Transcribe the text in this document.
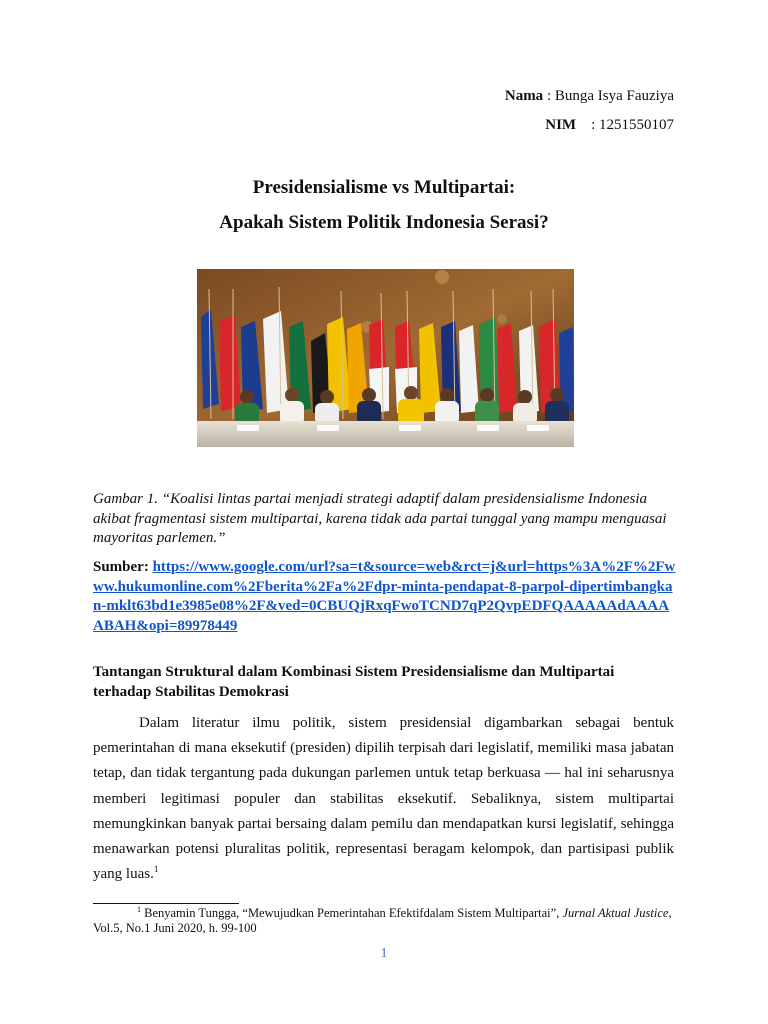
Nama : Bunga Isya Fauziya
NIM : 1251550107
Presidensialisme vs Multipartai:
Apakah Sistem Politik Indonesia Serasi?
Gambar 1. “Koalisi lintas partai menjadi strategi adaptif dalam presidensialisme Indonesia akibat fragmentasi sistem multipartai, karena tidak ada partai tunggal yang mampu menguasai mayoritas parlemen.”
Sumber: https://www.google.com/url?sa=t&source=web&rct=j&url=https%3A%2F%2Fwww.hukumonline.com%2Fberita%2Fa%2Fdpr-minta-pendapat-8-parpol-dipertimbangkan-mklt63bd1e3985e08%2F&ved=0CBUQjRxqFwoTCND7qP2QvpEDFQAAAAAdAAAAABAH&opi=89978449
Tantangan Struktural dalam Kombinasi Sistem Presidensialisme dan Multipartai terhadap Stabilitas Demokrasi

Dalam literatur ilmu politik, sistem presidensial digambarkan sebagai bentuk pemerintahan di mana eksekutif (presiden) dipilih terpisah dari legislatif, memiliki masa jabatan tetap, dan tidak tergantung pada dukungan parlemen untuk tetap berkuasa — hal ini seharusnya memberi legitimasi populer dan stabilitas eksekutif. Sebaliknya, sistem multipartai memungkinkan banyak partai bersaing dalam pemilu dan mendapatkan kursi legislatif, sehingga menawarkan potensi pluralitas politik, representasi beragam kelompok, dan partisipasi publik yang luas.$^1$

$^1$ Benyamin Tungga, “Mewujudkan Pemerintahan Efektifdalam Sistem Multipartai”, Jurnal Aktual Justice, Vol.5, No.1 Juni 2020, h. 99-100
1
